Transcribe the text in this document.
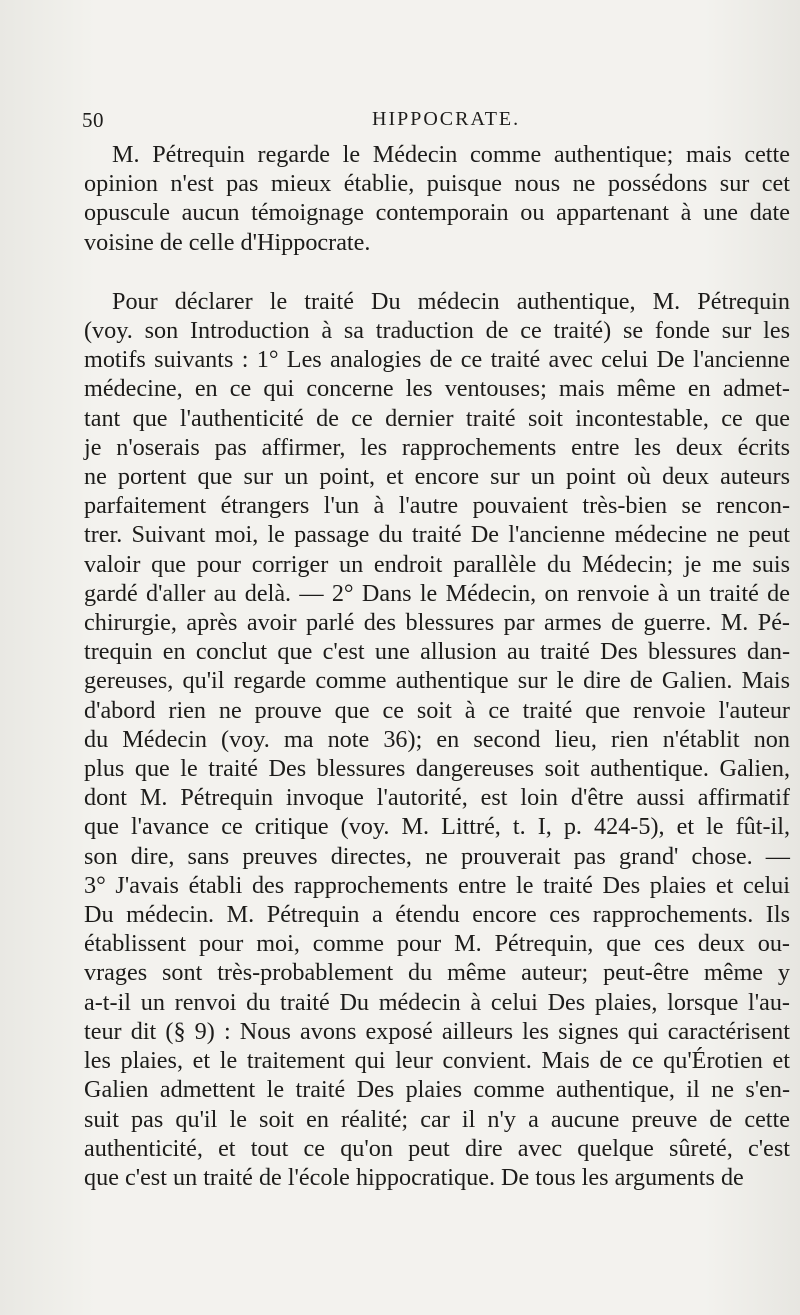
50	HIPPOCRATE.

M. Pétrequin regarde le Médecin comme authentique; mais cette

opinion n'est pas mieux établie, puisque nous ne possédons sur cet

opuscule aucun témoignage contemporain ou appartenant à une date

voisine de celle d'Hippocrate.

Pour déclarer le traité Du médecin authentique, M. Pétrequin

(voy. son Introduction à sa traduction de ce traité) se fonde sur les

motifs suivants : 1° Les analogies de ce traité avec celui De l'ancienne

médecine, en ce qui concerne les ventouses; mais même en admet-

tant que l'authenticité de ce dernier traité soit incontestable, ce que

je n'oserais pas affirmer, les rapprochements entre les deux écrits

ne portent que sur un point, et encore sur un point où deux auteurs

parfaitement étrangers l'un à l'autre pouvaient très-bien se rencon-

trer. Suivant moi, le passage du traité De l'ancienne médecine ne peut

valoir que pour corriger un endroit parallèle du Médecin; je me suis

gardé d'aller au delà. — 2° Dans le Médecin, on renvoie à un traité de

chirurgie, après avoir parlé des blessures par armes de guerre. M. Pé-

trequin en conclut que c'est une allusion au traité Des blessures dan-

gereuses, qu'il regarde comme authentique sur le dire de Galien. Mais

d'abord rien ne prouve que ce soit à ce traité que renvoie l'auteur

du Médecin (voy. ma note 36); en second lieu, rien n'établit non

plus que le traité Des blessures dangereuses soit authentique. Galien,

dont M. Pétrequin invoque l'autorité, est loin d'être aussi affirmatif

que l'avance ce critique (voy. M. Littré, t. I, p. 424-5), et le fût-il,

son dire, sans preuves directes, ne prouverait pas grand' chose. —

3° J'avais établi des rapprochements entre le traité Des plaies et celui

Du médecin. M. Pétrequin a étendu encore ces rapprochements. Ils

établissent pour moi, comme pour M. Pétrequin, que ces deux ou-

vrages sont très-probablement du même auteur; peut-être même y

a-t-il un renvoi du traité Du médecin à celui Des plaies, lorsque l'au-

teur dit (§ 9) : Nous avons exposé ailleurs les signes qui caractérisent

les plaies, et le traitement qui leur convient. Mais de ce qu'Érotien et

Galien admettent le traité Des plaies comme authentique, il ne s'en-

suit pas qu'il le soit en réalité; car il n'y a aucune preuve de cette

authenticité, et tout ce qu'on peut dire avec quelque sûreté, c'est

que c'est un traité de l'école hippocratique. De tous les arguments de
